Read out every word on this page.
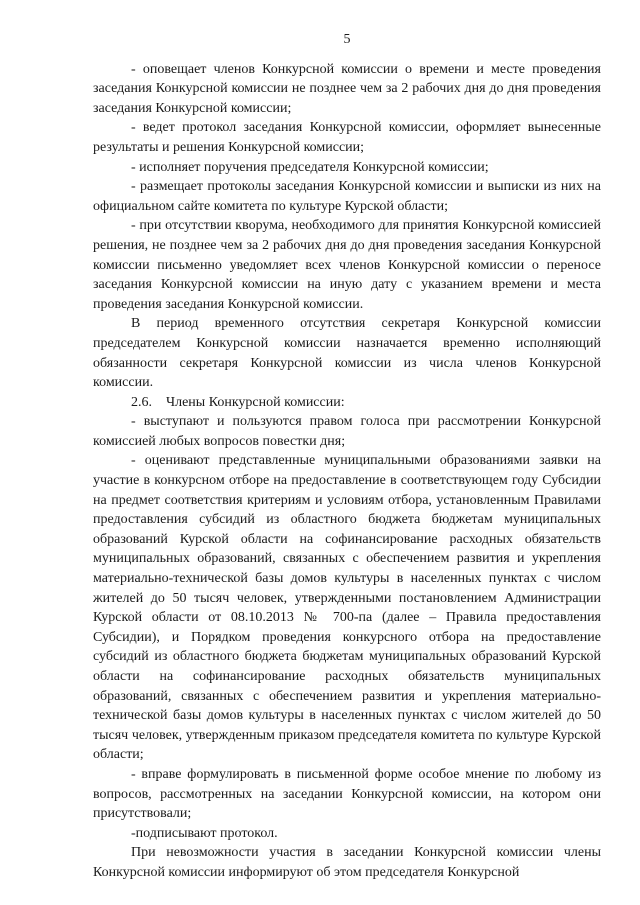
5

- оповещает членов Конкурсной комиссии о времени и месте проведения заседания Конкурсной комиссии не позднее чем за 2 рабочих дня до дня проведения заседания Конкурсной комиссии;

- ведет протокол заседания Конкурсной комиссии, оформляет вынесенные результаты и решения Конкурсной комиссии;

- исполняет поручения председателя Конкурсной комиссии;

- размещает протоколы заседания Конкурсной комиссии и выписки из них на официальном сайте комитета по культуре Курской области;

- при отсутствии кворума, необходимого для принятия Конкурсной комиссией решения, не позднее чем за 2 рабочих дня до дня проведения заседания Конкурсной комиссии письменно уведомляет всех членов Конкурсной комиссии о переносе заседания Конкурсной комиссии на иную дату с указанием времени и места проведения заседания Конкурсной комиссии.

В период временного отсутствия секретаря Конкурсной комиссии председателем Конкурсной комиссии назначается временно исполняющий обязанности секретаря Конкурсной комиссии из числа членов Конкурсной комиссии.

2.6.    Члены Конкурсной комиссии:

- выступают и пользуются правом голоса при рассмотрении Конкурсной комиссией любых вопросов повестки дня;

- оценивают представленные муниципальными образованиями заявки на участие в конкурсном отборе на предоставление в соответствующем году Субсидии на предмет соответствия критериям и условиям отбора, установленным Правилами предоставления субсидий из областного бюджета бюджетам муниципальных образований Курской области на софинансирование расходных обязательств муниципальных образований, связанных с обеспечением развития и укрепления материально-технической базы домов культуры в населенных пунктах с числом жителей до 50 тысяч человек, утвержденными постановлением Администрации Курской области от 08.10.2013 № 700-па (далее – Правила предоставления Субсидии), и Порядком проведения конкурсного отбора на предоставление субсидий из областного бюджета бюджетам муниципальных образований Курской области на софинансирование расходных обязательств муниципальных образований, связанных с обеспечением развития и укрепления материально-технической базы домов культуры в населенных пунктах с числом жителей до 50 тысяч человек, утвержденным приказом председателя комитета по культуре Курской области;

- вправе формулировать в письменной форме особое мнение по любому из вопросов, рассмотренных на заседании Конкурсной комиссии, на котором они присутствовали;

-подписывают протокол.

При невозможности участия в заседании Конкурсной комиссии члены Конкурсной комиссии информируют об этом председателя Конкурсной
